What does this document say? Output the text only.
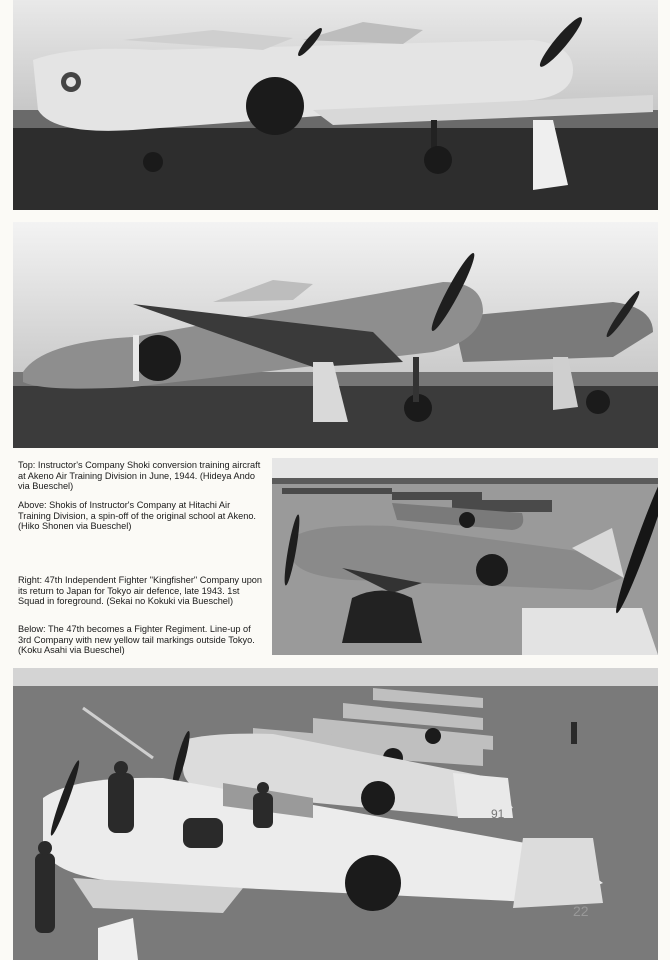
Top: Instructor's Company Shoki conversion training aircraft at Akeno Air Training Division in June, 1944. (Hideya Ando via Bueschel)

Above: Shokis of Instructor's Company at Hitachi Air Training Division, a spin-off of the original school at Akeno. (Hiko Shonen via Bueschel)

Right: 47th Independent Fighter "Kingfisher" Company upon its return to Japan for Tokyo air defence, late 1943. 1st Squad in foreground. (Sekai no Kokuki via Bueschel)

Below: The 47th becomes a Fighter Regiment. Line-up of 3rd Company with new yellow tail markings outside Tokyo. (Koku Asahi via Bueschel)

91
22
